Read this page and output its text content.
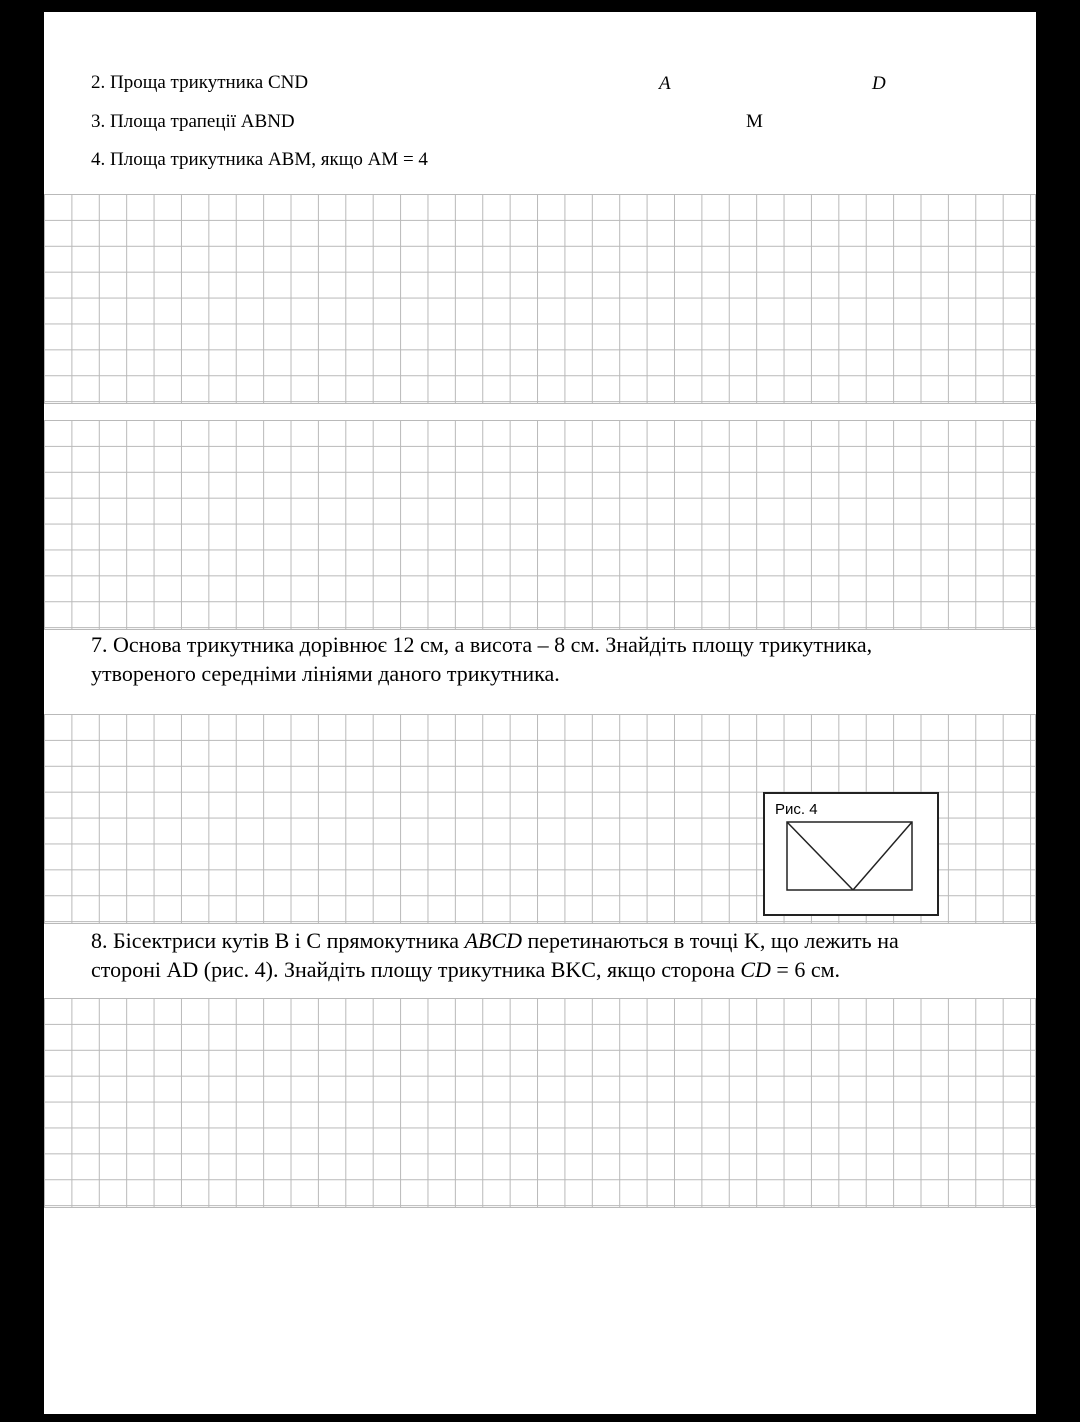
2. Проща трикутника CND	A	D
3. Площа трапеції ABND	M
4. Площа трикутника ABM, якщо AM = 4
7. Основа трикутника дорівнює 12 см, а висота – 8 см. Знайдіть площу трикутника,
утвореного середніми лініями даного трикутника.
Рис. 4
8. Бісектриси кутів B і C прямокутника ABCD перетинаються в точці K, що лежить на
стороні AD (рис. 4). Знайдіть площу трикутника BKC, якщо сторона CD = 6 см.
